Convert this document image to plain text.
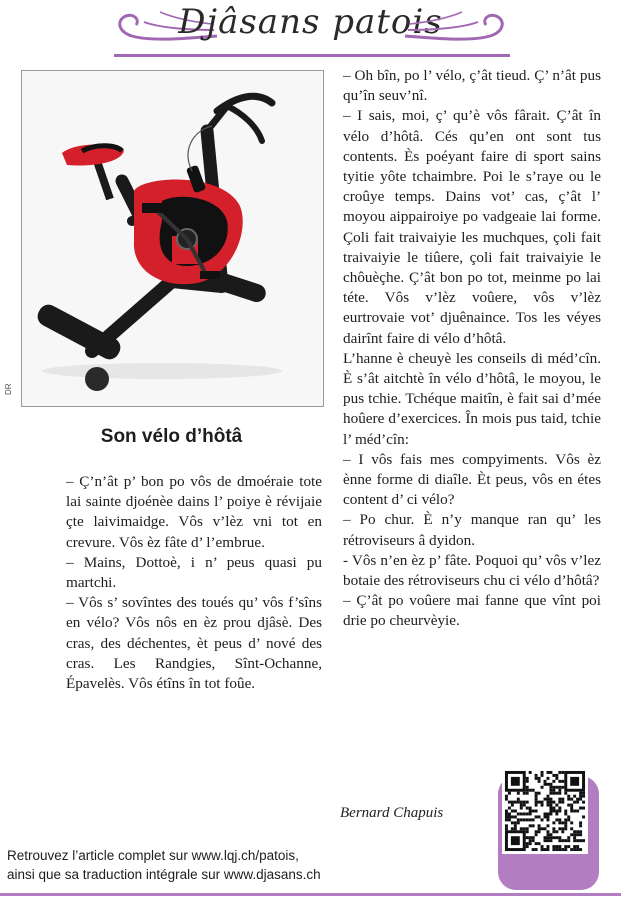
Djâsans patois
DR
Son vélo d’hôtâ

– Ç’n’ât p’ bon po vôs de dmoéraie tote lai sainte djoénèe dains l’ poiye è révijaie çte laivimaidge. Vôs v’lèz vni tot en crevure. Vôs èz fâte d’ l’embrue.

– Mains, Dottoè, i n’ peus quasi pu martchi.

– Vôs s’ sovîntes des toués qu’ vôs f’sîns en vélo? Vôs nôs en èz prou djâsè. Des cras, des déchentes, èt peus d’ nové des cras. Les Randgies, Sînt-Ochanne, Épavelès. Vôs étîns în tot foûe.

– Oh bîn, po l’ vélo, ç’ât tieud. Ç’ n’ât pus qu’în seuv’nî.

– I sais, moi, ç’ qu’è vôs fârait. Ç’ât în vélo d’hôtâ. Cés qu’en ont sont tus contents. Ès poéyant faire di sport sains tyitie yôte tchaimbre. Poi le s’raye ou le croûye temps. Dains vot’ cas, ç’ât l’ moyou aippairoiye po vadgeaie lai forme. Çoli fait traivaiyie les muchques, çoli fait traivaiyie le tiûere, çoli fait traivaiyie le chôuèçhe. Ç’ât bon po tot, meinme po lai téte. Vôs v’lèz voûere, vôs v’lèz eurtrovaie vot’ djuênaince. Tos les véyes dairînt faire di vélo d’hôtâ.

L’hanne è cheuyè les conseils di méd’cîn. È s’ât aitchtè în vélo d’hôtâ, le moyou, le pus tchie. Tchéque maitîn, è fait sai d’mée hoûere d’exercices. În mois pus taid, tchie l’ méd’cîn:

– I vôs fais mes compyiments. Vôs èz ènne forme di diaîle. Èt peus, vôs en étes content d’ ci vélo?

– Po chur. È n’y manque ran qu’ les rétroviseurs â dyidon.

- Vôs n’en èz p’ fâte. Poquoi qu’ vôs v’lez botaie des rétroviseurs chu ci vélo d’hôtâ?

– Ç’ât po voûere mai fanne que vînt poi drie po cheurvèyie.

Bernard Chapuis
Retrouvez l’article complet sur www.lqj.ch/patois,
ainsi que sa traduction intégrale sur www.djasans.ch
